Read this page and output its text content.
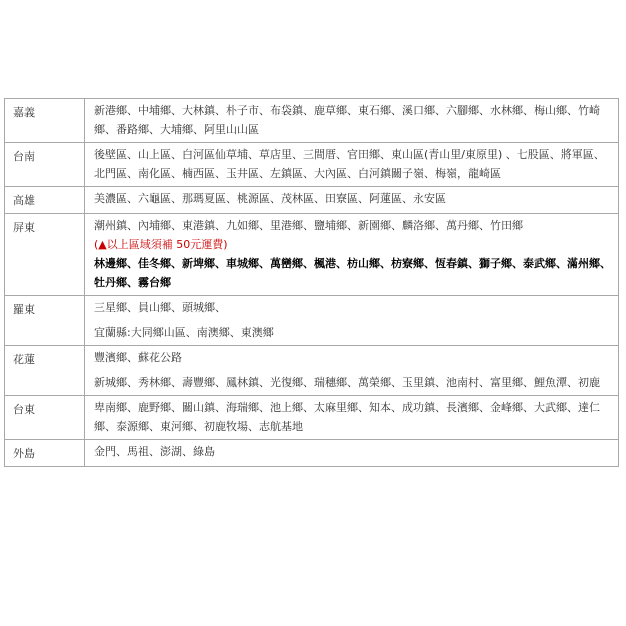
嘉義	新港鄉、中埔鄉、大林鎮、朴子市、布袋鎮、鹿草鄉、東石鄉、溪口鄉、六腳鄉、水林鄉、梅山鄉、竹崎鄉、番路鄉、大埔鄉、阿里山山區

台南	後壁區、山上區、白河區仙草埔、草店里、三間厝、官田鄉、東山區(青山里/東原里) 、七股區、將軍區、北門區、南化區、楠西區、玉井區、左鎮區、大內區、白河鎮關子嶺、梅嶺，龍崎區

高雄	美濃區、六龜區、那瑪夏區、桃源區、茂林區、田寮區、阿蓮區、永安區

屏東	潮州鎮、內埔鄉、東港鎮、九如鄉、里港鄉、鹽埔鄉、新園鄉、麟洛鄉、萬丹鄉、竹田鄉
(▲以上區域須補 50元運費)
林邊鄉、佳冬鄉、新埤鄉、車城鄉、萬巒鄉、楓港、枋山鄉、枋寮鄉、恆春鎮、獅子鄉、泰武鄉、滿州鄉、牡丹鄉、霧台鄉

羅東	三星鄉、員山鄉、頭城鄉、
宜蘭縣:大同鄉山區、南澳鄉、東澳鄉

花蓮	豐濱鄉、蘇花公路
新城鄉、秀林鄉、壽豐鄉、鳳林鎮、光復鄉、瑞穗鄉、萬榮鄉、玉里鎮、池南村、富里鄉、鯉魚潭、初鹿

台東	卑南鄉、鹿野鄉、關山鎮、海瑞鄉、池上鄉、太麻里鄉、知本、成功鎮、長濱鄉、金峰鄉、大武鄉、達仁鄉、泰源鄉、東河鄉、初鹿牧場、志航基地

外島	金門、馬祖、澎湖、綠島
